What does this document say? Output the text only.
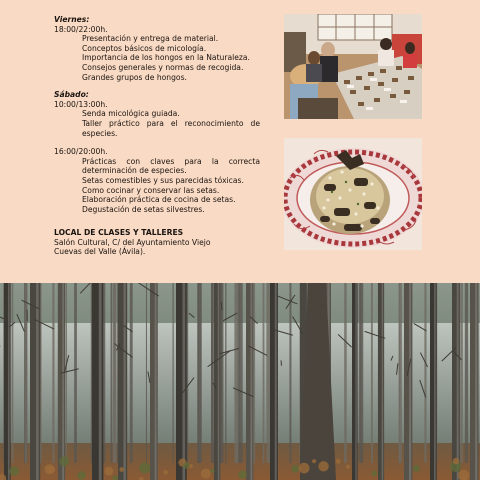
Viernes:

18:00/22:00h.

Presentación y entrega de material.

Conceptos básicos de micología.

Importancia de los hongos en la Naturaleza.

Consejos generales y normas de recogida.

Grandes grupos de hongos.

Sábado:

10:00/13:00h.

Senda micológica guiada.

Taller práctico para el reconocimiento de especies.

16:00/20:00h.

Prácticas con claves para la correcta determinación de especies.

Setas comestibles y sus parecidas tóxicas.

Como cocinar y conservar las setas.

Elaboración práctica de cocina de setas.

Degustación de setas silvestres.

LOCAL DE CLASES Y TALLERES

Salón Cultural, C/ del Ayuntamiento Viejo

Cuevas del Valle (Ávila).
